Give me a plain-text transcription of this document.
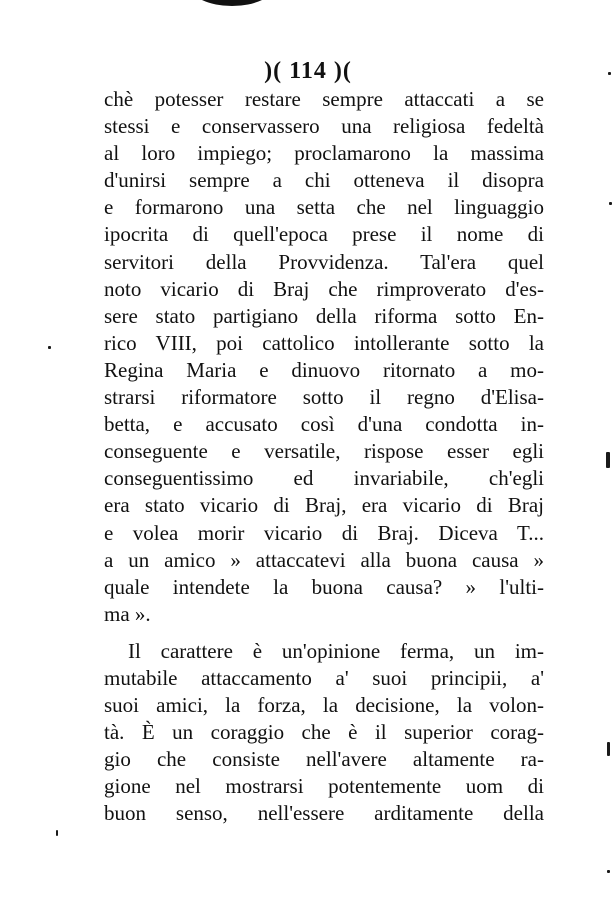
)( 114 )(
chè potesser restare sempre attaccati a se
stessi e conservassero una religiosa fedeltà
al loro impiego; proclamarono la massima
d'unirsi sempre a chi otteneva il disopra
e formarono una setta che nel linguaggio
ipocrita di quell'epoca prese il nome di
servitori della Provvidenza. Tal'era quel
noto vicario di Braj che rimproverato d'es-
sere stato partigiano della riforma sotto En-
rico VIII, poi cattolico intollerante sotto la
Regina Maria e dinuovo ritornato a mo-
strarsi riformatore sotto il regno d'Elisa-
betta, e accusato così d'una condotta in-
conseguente e versatile, rispose esser egli
conseguentissimo ed invariabile, ch'egli
era stato vicario di Braj, era vicario di Braj
e volea morir vicario di Braj. Diceva T...
a un amico » attaccatevi alla buona causa »
quale intendete la buona causa? » l'ulti-
ma ».
Il carattere è un'opinione ferma, un im-
mutabile attaccamento a' suoi principii, a'
suoi amici, la forza, la decisione, la volon-
tà. È un coraggio che è il superior corag-
gio che consiste nell'avere altamente ra-
gione nel mostrarsi potentemente uom di
buon senso, nell'essere arditamente della
